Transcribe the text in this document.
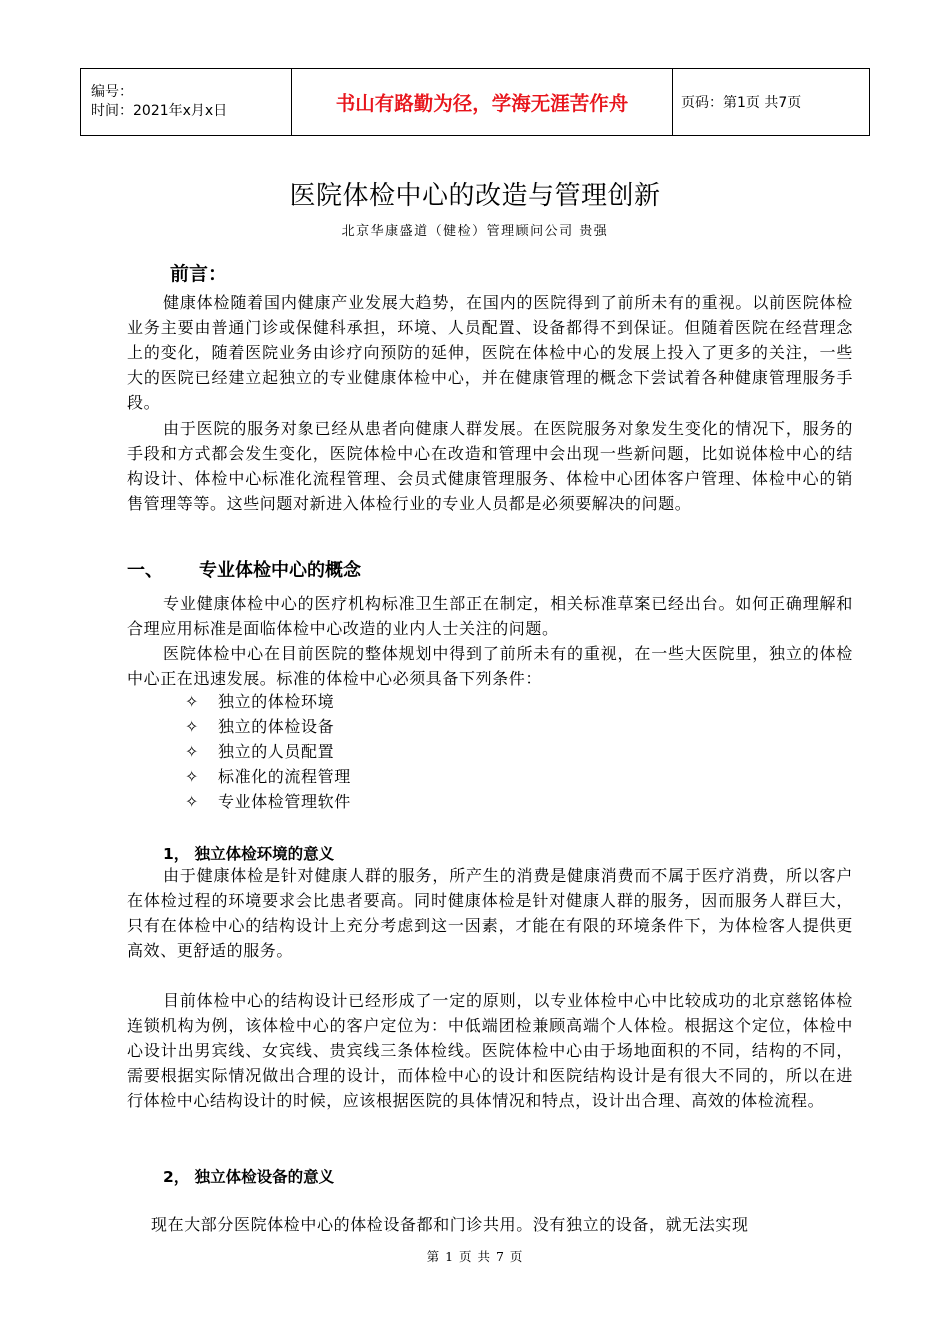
编号：
时间：2021年x月x日	书山有路勤为径，学海无涯苦作舟	页码：第1页 共7页
医院体检中心的改造与管理创新
北京华康盛道（健检）管理顾问公司 贵强
前言：

健康体检随着国内健康产业发展大趋势，在国内的医院得到了前所未有的重视。以前医院体检业务主要由普通门诊或保健科承担，环境、人员配置、设备都得不到保证。但随着医院在经营理念上的变化，随着医院业务由诊疗向预防的延伸，医院在体检中心的发展上投入了更多的关注，一些大的医院已经建立起独立的专业健康体检中心，并在健康管理的概念下尝试着各种健康管理服务手段。

由于医院的服务对象已经从患者向健康人群发展。在医院服务对象发生变化的情况下，服务的手段和方式都会发生变化，医院体检中心在改造和管理中会出现一些新问题，比如说体检中心的结构设计、体检中心标准化流程管理、会员式健康管理服务、体检中心团体客户管理、体检中心的销售管理等等。这些问题对新进入体检行业的专业人员都是必须要解决的问题。

一、 专业体检中心的概念

专业健康体检中心的医疗机构标准卫生部正在制定，相关标准草案已经出台。如何正确理解和合理应用标准是面临体检中心改造的业内人士关注的问题。

医院体检中心在目前医院的整体规划中得到了前所未有的重视，在一些大医院里，独立的体检中心正在迅速发展。标准的体检中心必须具备下列条件：

✧ 独立的体检环境
✧ 独立的体检设备
✧ 独立的人员配置
✧ 标准化的流程管理
✧ 专业体检管理软件
1， 独立体检环境的意义

由于健康体检是针对健康人群的服务，所产生的消费是健康消费而不属于医疗消费，所以客户在体检过程的环境要求会比患者要高。同时健康体检是针对健康人群的服务，因而服务人群巨大，只有在体检中心的结构设计上充分考虑到这一因素，才能在有限的环境条件下，为体检客人提供更高效、更舒适的服务。

目前体检中心的结构设计已经形成了一定的原则，以专业体检中心中比较成功的北京慈铭体检连锁机构为例，该体检中心的客户定位为：中低端团检兼顾高端个人体检。根据这个定位，体检中心设计出男宾线、女宾线、贵宾线三条体检线。医院体检中心由于场地面积的不同，结构的不同，需要根据实际情况做出合理的设计，而体检中心的设计和医院结构设计是有很大不同的，所以在进行体检中心结构设计的时候，应该根据医院的具体情况和特点，设计出合理、高效的体检流程。

2， 独立体检设备的意义

现在大部分医院体检中心的体检设备都和门诊共用。没有独立的设备，就无法实现

第 1 页 共 7 页
